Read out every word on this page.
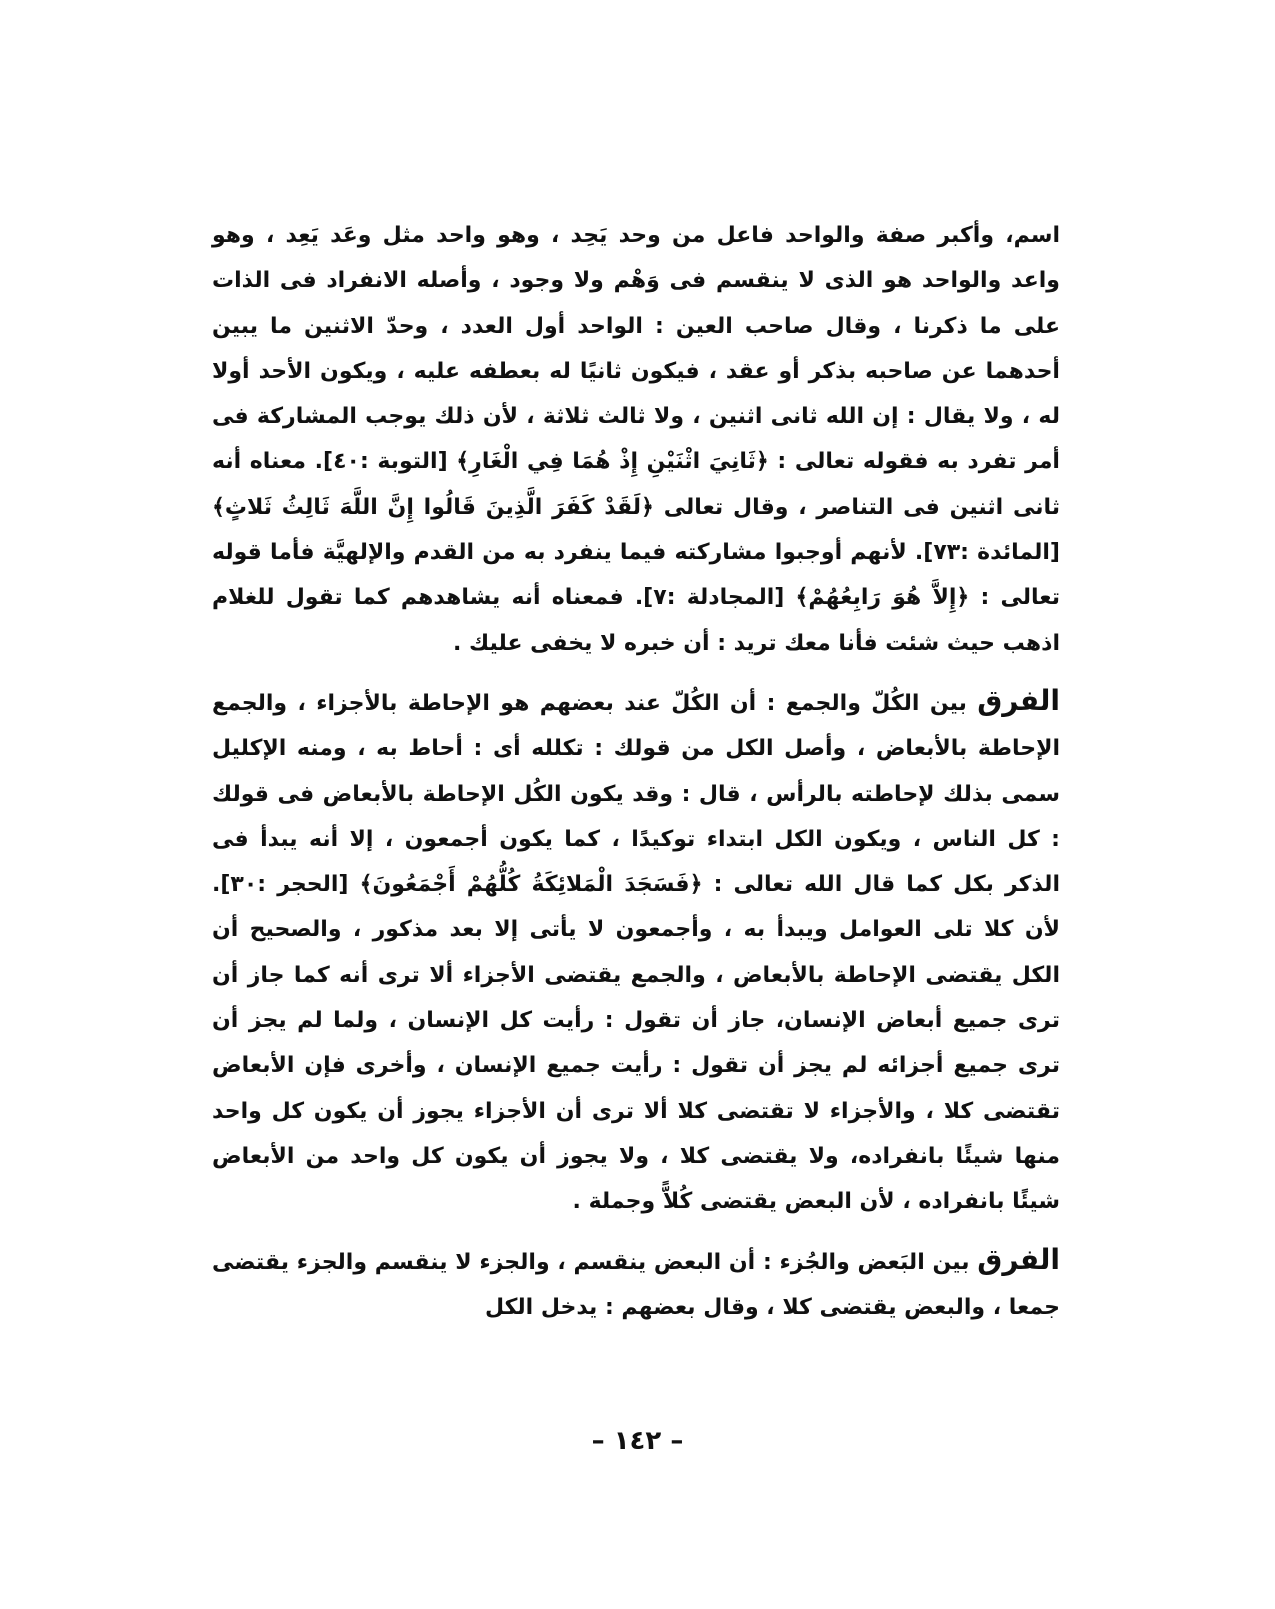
اسم، وأكبر صفة والواحد فاعل من وحد يَحِد ، وهو واحد مثل وعَد يَعِد ، وهو واعد والواحد هو الذى لا ينقسم فى وَهْم ولا وجود ، وأصله الانفراد فى الذات على ما ذكرنا ، وقال صاحب العين : الواحد أول العدد ، وحدّ الاثنين ما يبين أحدهما عن صاحبه بذكر أو عقد ، فيكون ثانيًا له بعطفه عليه ، ويكون الأحد أولا له ، ولا يقال : إن الله ثانى اثنين ، ولا ثالث ثلاثة ، لأن ذلك يوجب المشاركة فى أمر تفرد به فقوله تعالى : ﴿ثَانِيَ اثْنَيْنِ إِذْ هُمَا فِي الْغَارِ﴾ [التوبة :٤٠]. معناه أنه ثانى اثنين فى التناصر ، وقال تعالى ﴿لَقَدْ كَفَرَ الَّذِينَ قَالُوا إِنَّ اللَّهَ ثَالِثُ ثَلاثٍ﴾ [المائدة :٧٣]. لأنهم أوجبوا مشاركته فيما ينفرد به من القدم والإلهيَّة فأما قوله تعالى : ﴿إِلاَّ هُوَ رَابِعُهُمْ﴾ [المجادلة :٧]. فمعناه أنه يشاهدهم كما تقول للغلام اذهب حيث شئت فأنا معك تريد : أن خبره لا يخفى عليك .

الفرق بين الكُلّ والجمع : أن الكُلّ عند بعضهم هو الإحاطة بالأجزاء ، والجمع الإحاطة بالأبعاض ، وأصل الكل من قولك : تكلله أى : أحاط به ، ومنه الإكليل سمى بذلك لإحاطته بالرأس ، قال : وقد يكون الكُل الإحاطة بالأبعاض فى قولك : كل الناس ، ويكون الكل ابتداء توكيدًا ، كما يكون أجمعون ، إلا أنه يبدأ فى الذكر بكل كما قال الله تعالى : ﴿فَسَجَدَ الْمَلائِكَةُ كُلُّهُمْ أَجْمَعُونَ﴾ [الحجر :٣٠]. لأن كلا تلى العوامل ويبدأ به ، وأجمعون لا يأتى إلا بعد مذكور ، والصحيح أن الكل يقتضى الإحاطة بالأبعاض ، والجمع يقتضى الأجزاء ألا ترى أنه كما جاز أن ترى جميع أبعاض الإنسان، جاز أن تقول : رأيت كل الإنسان ، ولما لم يجز أن ترى جميع أجزائه لم يجز أن تقول : رأيت جميع الإنسان ، وأخرى فإن الأبعاض تقتضى كلا ، والأجزاء لا تقتضى كلا ألا ترى أن الأجزاء يجوز أن يكون كل واحد منها شيئًا بانفراده، ولا يقتضى كلا ، ولا يجوز أن يكون كل واحد من الأبعاض شيئًا بانفراده ، لأن البعض يقتضى كُلاًّ وجملة .

الفرق بين البَعض والجُزء : أن البعض ينقسم ، والجزء لا ينقسم والجزء يقتضى جمعا ، والبعض يقتضى كلا ، وقال بعضهم : يدخل الكل

– ١٤٢ –
